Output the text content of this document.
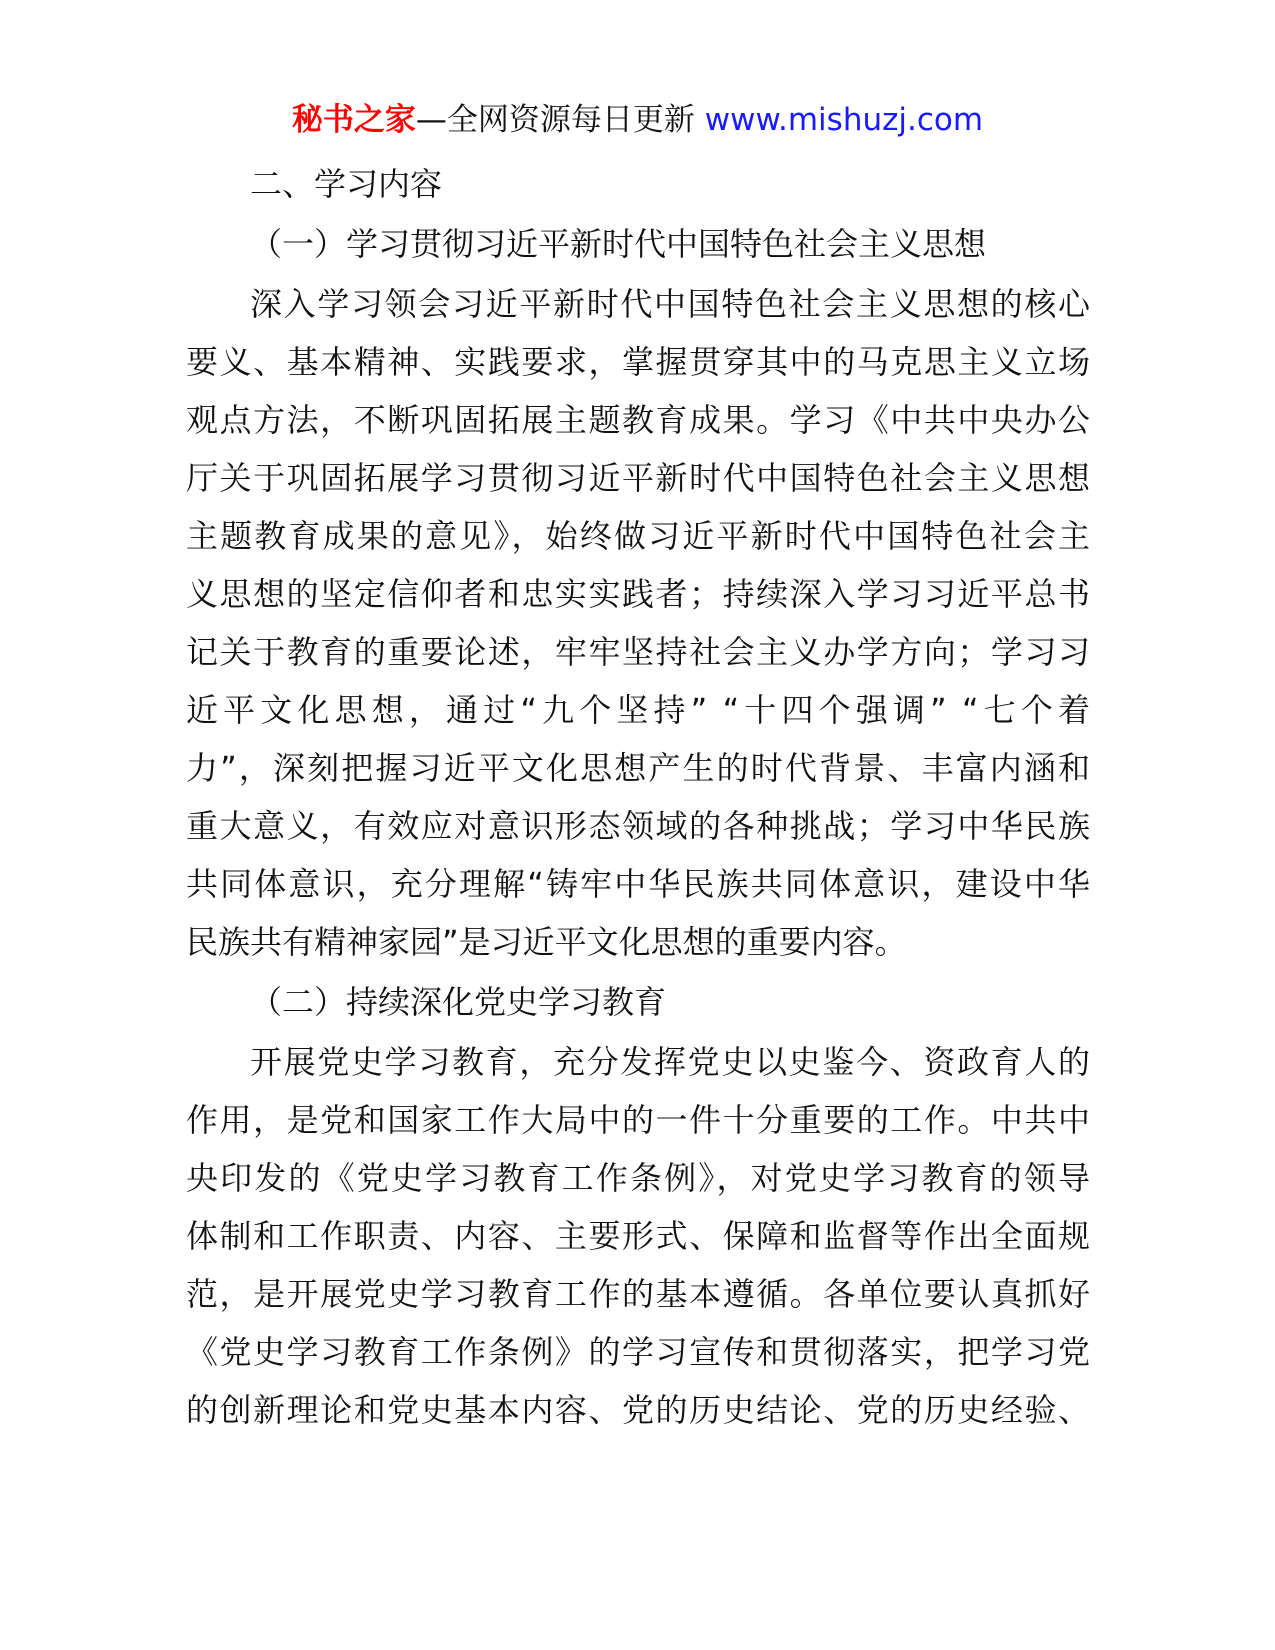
秘书之家—全网资源每日更新 www.mishuzj.com
二、学习内容
（一）学习贯彻习近平新时代中国特色社会主义思想
深入学习领会习近平新时代中国特色社会主义思想的核心
要义、基本精神、实践要求，掌握贯穿其中的马克思主义立场
观点方法，不断巩固拓展主题教育成果。学习《中共中央办公
厅关于巩固拓展学习贯彻习近平新时代中国特色社会主义思想
主题教育成果的意见》，始终做习近平新时代中国特色社会主
义思想的坚定信仰者和忠实实践者；持续深入学习习近平总书
记关于教育的重要论述，牢牢坚持社会主义办学方向；学习习
近平文化思想，通过“九个坚持” “十四个强调” “七个着
力”，深刻把握习近平文化思想产生的时代背景、丰富内涵和
重大意义，有效应对意识形态领域的各种挑战；学习中华民族
共同体意识，充分理解“铸牢中华民族共同体意识，建设中华
民族共有精神家园”是习近平文化思想的重要内容。
（二）持续深化党史学习教育
开展党史学习教育，充分发挥党史以史鉴今、资政育人的
作用，是党和国家工作大局中的一件十分重要的工作。中共中
央印发的《党史学习教育工作条例》，对党史学习教育的领导
体制和工作职责、内容、主要形式、保障和监督等作出全面规
范，是开展党史学习教育工作的基本遵循。各单位要认真抓好
《党史学习教育工作条例》的学习宣传和贯彻落实，把学习党
的创新理论和党史基本内容、党的历史结论、党的历史经验、
